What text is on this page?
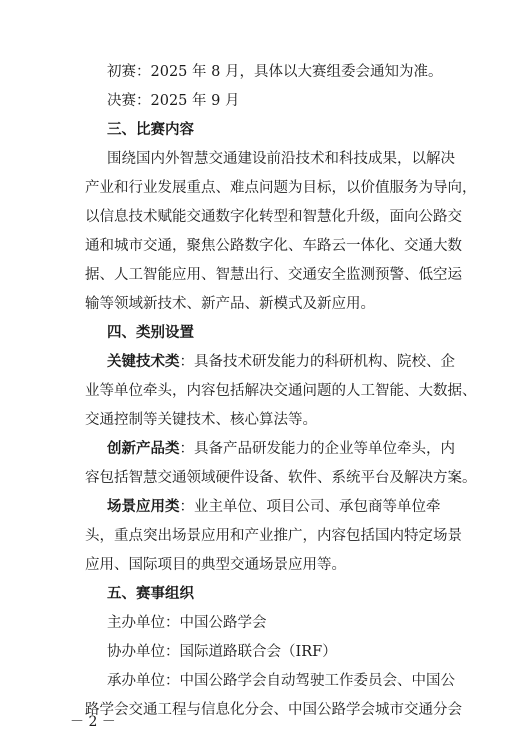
初赛：2025 年 8 月，具体以大赛组委会通知为准。
决赛：2025 年 9 月
三、比赛内容
围绕国内外智慧交通建设前沿技术和科技成果，以解决
产业和行业发展重点、难点问题为目标，以价值服务为导向，
以信息技术赋能交通数字化转型和智慧化升级，面向公路交
通和城市交通，聚焦公路数字化、车路云一体化、交通大数
据、人工智能应用、智慧出行、交通安全监测预警、低空运
输等领域新技术、新产品、新模式及新应用。
四、类别设置
关键技术类：具备技术研发能力的科研机构、院校、企
业等单位牵头，内容包括解决交通问题的人工智能、大数据、
交通控制等关键技术、核心算法等。
创新产品类：具备产品研发能力的企业等单位牵头，内
容包括智慧交通领域硬件设备、软件、系统平台及解决方案。
场景应用类：业主单位、项目公司、承包商等单位牵
头，重点突出场景应用和产业推广，内容包括国内特定场景
应用、国际项目的典型交通场景应用等。
五、赛事组织
主办单位：中国公路学会
协办单位：国际道路联合会（IRF）
承办单位：中国公路学会自动驾驶工作委员会、中国公
路学会交通工程与信息化分会、中国公路学会城市交通分会
－ 2 －
